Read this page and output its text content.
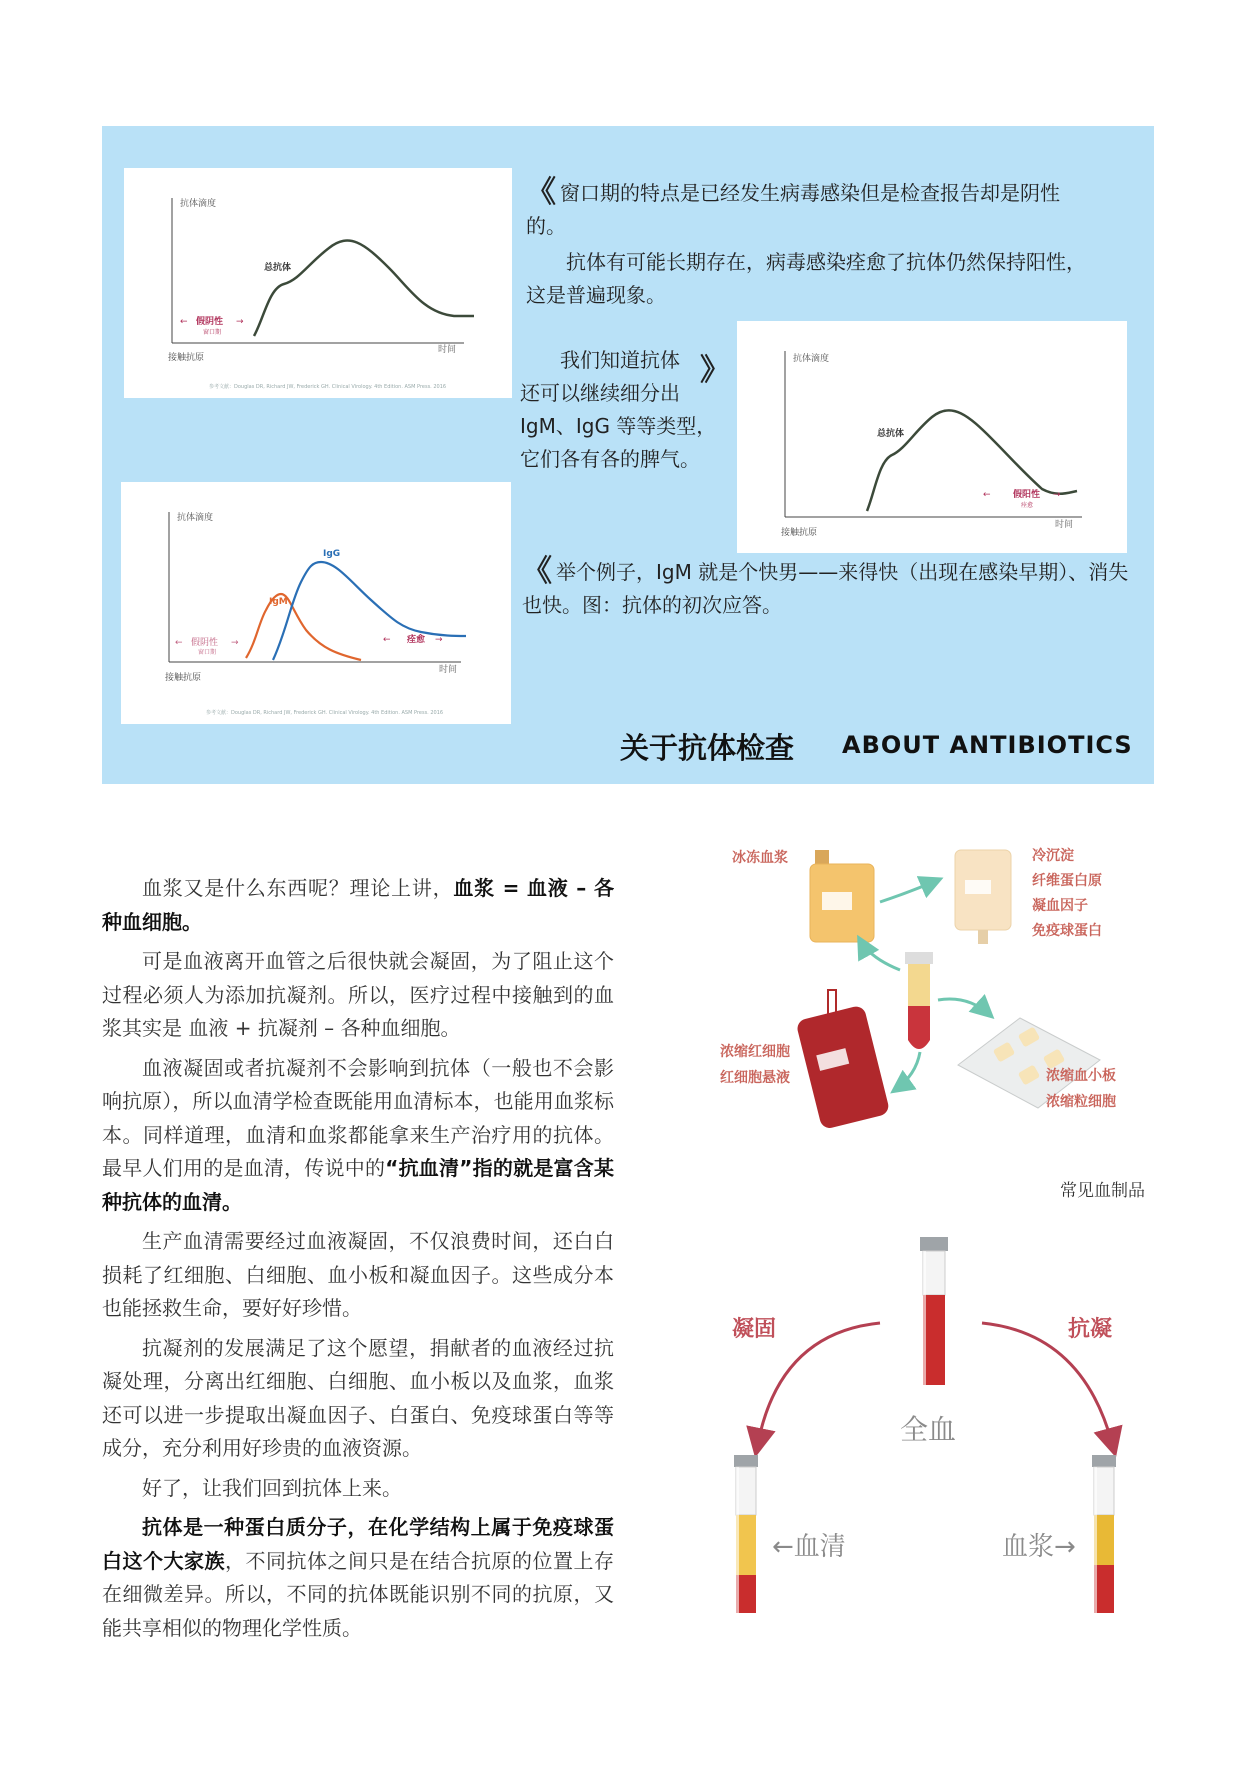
抗体滴度
总抗体
← 假阴性 →
窗口期
接触抗原
时间
参考文献：Douglas DR, Richard JW, Frederick GH. Clinical Virology. 4th Edition. ASM Press. 2016
抗体滴度
总抗体
← 假阳性 →
痊愈
接触抗原
时间
抗体滴度
IgM
IgG
← 假阴性 →
窗口期
← 痊愈 →
接触抗原
时间
参考文献：Douglas DR, Richard JW, Frederick GH. Clinical Virology. 4th Edition. ASM Press. 2016
《 窗口期的特点是已经发生病毒感染但是检查报告却是阴性的。
抗体有可能长期存在，病毒感染痊愈了抗体仍然保持阳性，这是普遍现象。
我们知道抗体
还可以继续细分出
IgM、IgG 等等类型，
它们各有各的脾气。
》
《 举个例子，IgM 就是个快男——来得快（出现在感染早期）、消失也快。图：抗体的初次应答。
关于抗体检查 ABOUT ANTIBIOTICS

血浆又是什么东西呢？理论上讲，血浆 = 血液 – 各种血细胞。

可是血液离开血管之后很快就会凝固，为了阻止这个过程必须人为添加抗凝剂。所以，医疗过程中接触到的血浆其实是 血液 + 抗凝剂 – 各种血细胞。

血液凝固或者抗凝剂不会影响到抗体（一般也不会影响抗原），所以血清学检查既能用血清标本，也能用血浆标本。同样道理，血清和血浆都能拿来生产治疗用的抗体。最早人们用的是血清，传说中的“抗血清”指的就是富含某种抗体的血清。

生产血清需要经过血液凝固，不仅浪费时间，还白白损耗了红细胞、白细胞、血小板和凝血因子。这些成分本也能拯救生命，要好好珍惜。

抗凝剂的发展满足了这个愿望，捐献者的血液经过抗凝处理，分离出红细胞、白细胞、血小板以及血浆，血浆还可以进一步提取出凝血因子、白蛋白、免疫球蛋白等等成分，充分利用好珍贵的血液资源。

好了，让我们回到抗体上来。

抗体是一种蛋白质分子，在化学结构上属于免疫球蛋白这个大家族，不同抗体之间只是在结合抗原的位置上存在细微差异。所以，不同的抗体既能识别不同的抗原，又能共享相似的物理化学性质。

冰冻血浆	冷沉淀
纤维蛋白原
凝血因子
免疫球蛋白
浓缩红细胞
红细胞悬液	浓缩血小板
浓缩粒细胞
常见血制品
全血
凝固	抗凝
←血清	血浆→
